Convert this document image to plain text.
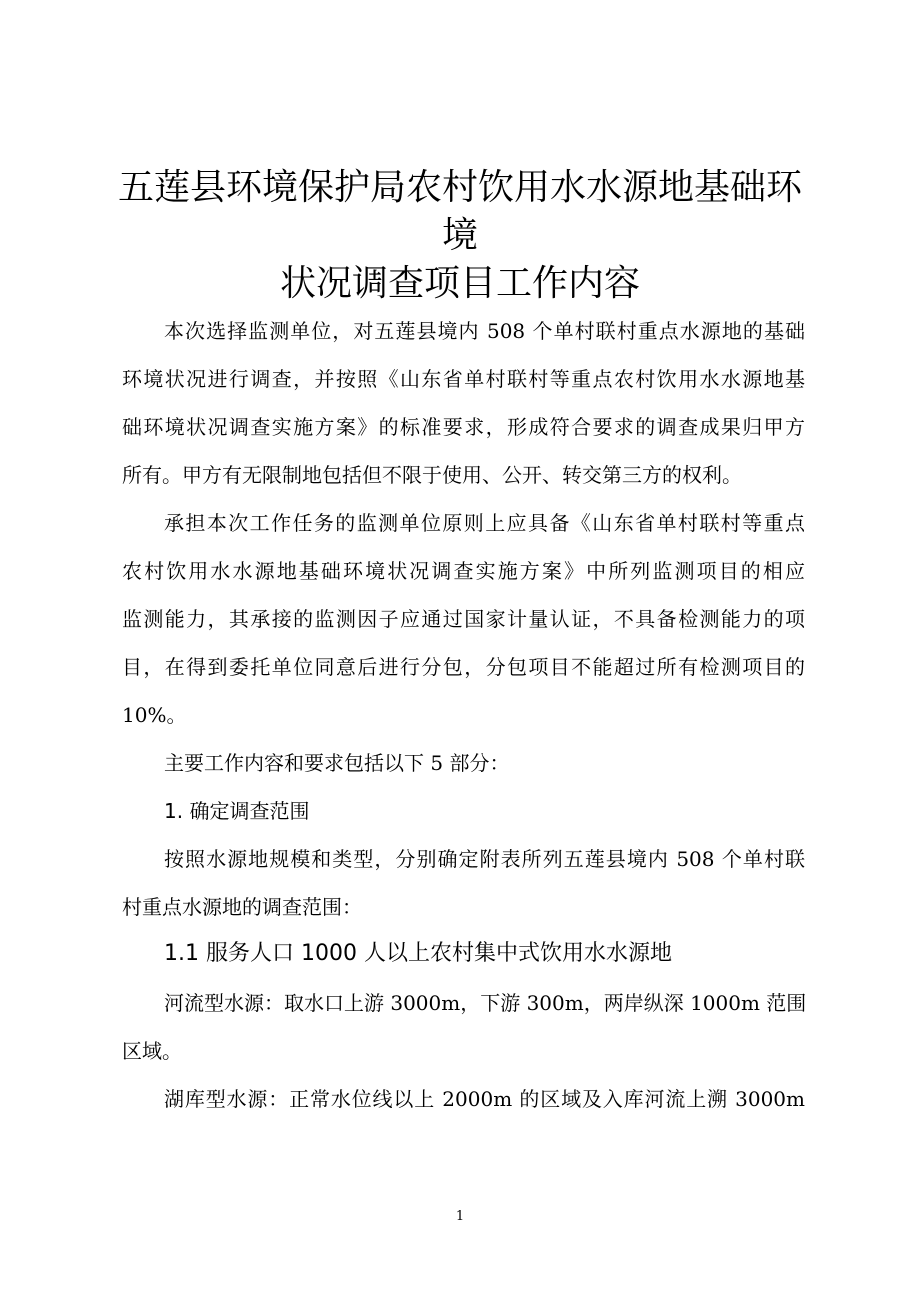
五莲县环境保护局农村饮用水水源地基础环境
状况调查项目工作内容
本次选择监测单位，对五莲县境内 508 个单村联村重点水源地的基础
环境状况进行调查，并按照《山东省单村联村等重点农村饮用水水源地基
础环境状况调查实施方案》的标准要求，形成符合要求的调查成果归甲方
所有。甲方有无限制地包括但不限于使用、公开、转交第三方的权利。
承担本次工作任务的监测单位原则上应具备《山东省单村联村等重点
农村饮用水水源地基础环境状况调查实施方案》中所列监测项目的相应
监测能力，其承接的监测因子应通过国家计量认证，不具备检测能力的项
目，在得到委托单位同意后进行分包，分包项目不能超过所有检测项目的
10%。
主要工作内容和要求包括以下 5 部分：
1. 确定调查范围
按照水源地规模和类型，分别确定附表所列五莲县境内 508 个单村联
村重点水源地的调查范围：
1.1 服务人口 1000 人以上农村集中式饮用水水源地
河流型水源：取水口上游 3000m，下游 300m，两岸纵深 1000m 范围
区域。
湖库型水源：正常水位线以上 2000m 的区域及入库河流上溯 3000m
1
